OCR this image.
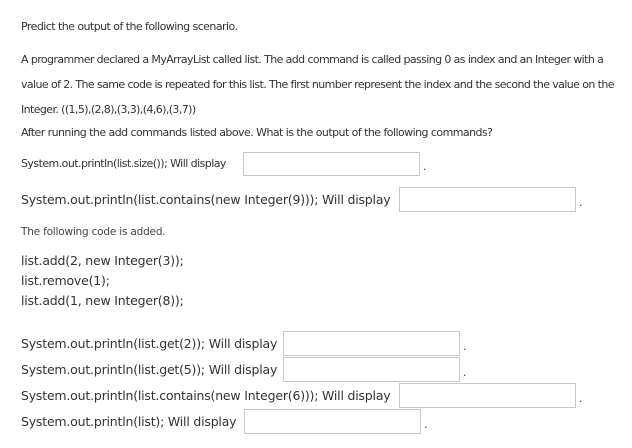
Predict the output of the following scenario.
A programmer declared a MyArrayList called list. The add command is called passing 0 as index and an Integer with a value of 2. The same code is repeated for this list. The first number represent the index and the second the value on the Integer. ((1,5),(2,8),(3,3),(4,6),(3,7))
After running the add commands listed above. What is the output of the following commands?
System.out.println(list.size()); Will display	.
System.out.println(list.contains(new Integer(9))); Will display	.
The following code is added.
list.add(2, new Integer(3));
list.remove(1);
list.add(1, new Integer(8));
System.out.println(list.get(2)); Will display	.
System.out.println(list.get(5)); Will display	.
System.out.println(list.contains(new Integer(6))); Will display	.
System.out.println(list); Will display	.
